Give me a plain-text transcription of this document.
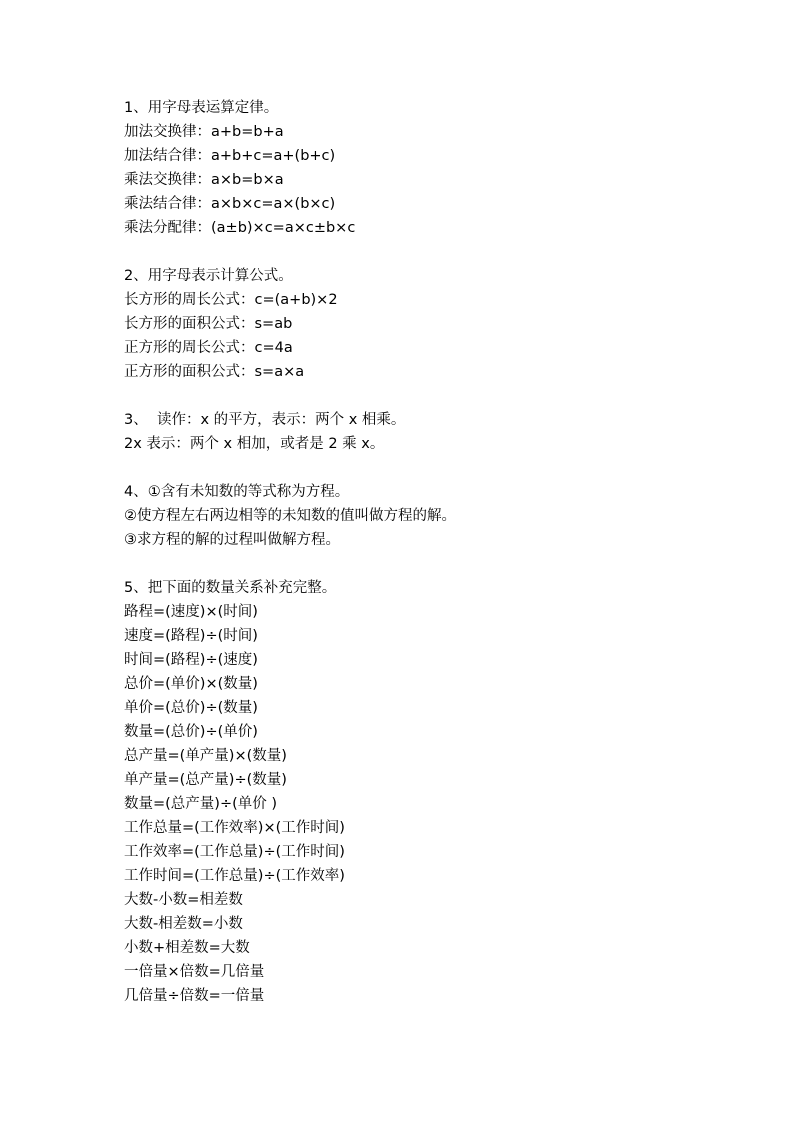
1、用字母表运算定律。
加法交换律：a+b=b+a
加法结合律：a+b+c=a+(b+c)
乘法交换律：a×b=b×a
乘法结合律：a×b×c=a×(b×c)
乘法分配律：(a±b)×c=a×c±b×c
2、用字母表示计算公式。
长方形的周长公式：c=(a+b)×2
长方形的面积公式：s=ab
正方形的周长公式：c=4a
正方形的面积公式：s=a×a
3、  读作：x 的平方，表示：两个 x 相乘。
2x 表示：两个 x 相加，或者是 2 乘 x。
4、①含有未知数的等式称为方程。
②使方程左右两边相等的未知数的值叫做方程的解。
③求方程的解的过程叫做解方程。
5、把下面的数量关系补充完整。
路程=(速度)×(时间)
速度=(路程)÷(时间)
时间=(路程)÷(速度)
总价=(单价)×(数量)
单价=(总价)÷(数量)
数量=(总价)÷(单价)
总产量=(单产量)×(数量)
单产量=(总产量)÷(数量)
数量=(总产量)÷(单价 )
工作总量=(工作效率)×(工作时间)
工作效率=(工作总量)÷(工作时间)
工作时间=(工作总量)÷(工作效率)
大数-小数=相差数
大数-相差数=小数
小数+相差数=大数
一倍量×倍数=几倍量
几倍量÷倍数=一倍量
